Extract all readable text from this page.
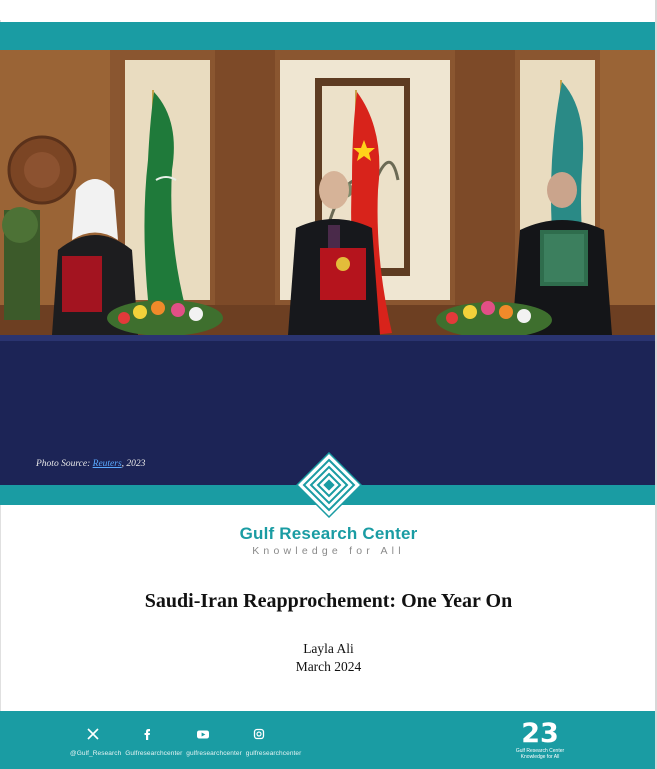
Photo Source: Reuters, 2023
Gulf Research Center
Knowledge for All
Saudi-Iran Reapprochement: One Year On
Layla Ali
March 2024
@Gulf_Research Gulfresearchcenter gulfresearchcenter gulfresearchcenter
23
Gulf Research Center
Knowledge for All
